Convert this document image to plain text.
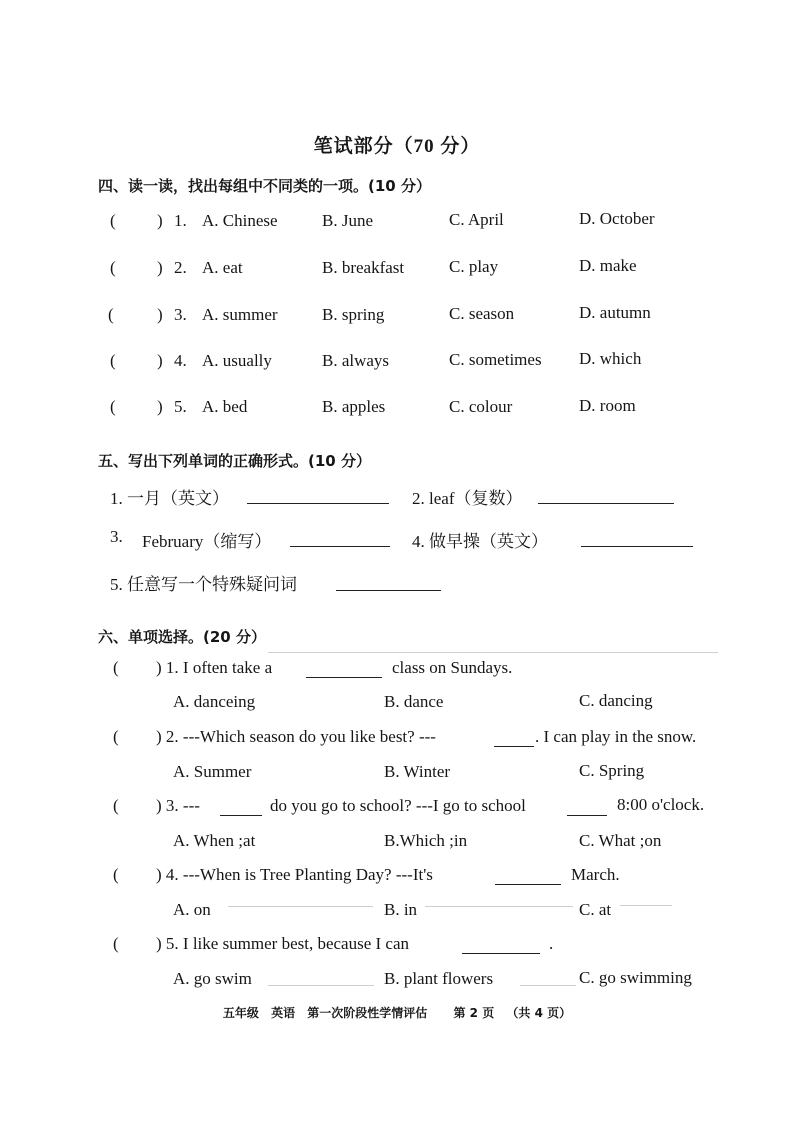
笔试部分（70 分）
四、读一读，找出每组中不同类的一项。(10 分）
( ) 1. A. Chinese	B. June	C. April	D. October
( ) 2. A. eat	B. breakfast	C. play	D. make
(	) 3. A. summer	B. spring	C. season	D. autumn
( ) 4. A. usually	B. always	C. sometimes D. which
( ) 5. A. bed	B. apples	C. colour	D. room
五、写出下列单词的正确形式。(10 分）
1. 一月（英文）	2. leaf（复数）
3. February（缩写）	4. 做早操（英文）
5. 任意写一个特殊疑问词
六、单项选择。(20 分）
( ) 1. I often take a	class on Sundays.
A. danceing	B. dance	C. dancing
( ) 2. ---Which season do you like best? ---	. I can play in the snow.
A. Summer	B. Winter	C. Spring
( ) 3. ---	do you go to school? ---I go to school	8:00 o'clock.
A. When ;at	B.Which ;in	C. What ;on
( ) 4. ---When is Tree Planting Day? ---It's	March.
A. on	B. in	C. at
( ) 5. I like summer best, because I can	.
A. go swim	B. plant flowers	C. go swimming
五年级 英语 第一次阶段性学情评估 第 2 页 （共 4 页）
